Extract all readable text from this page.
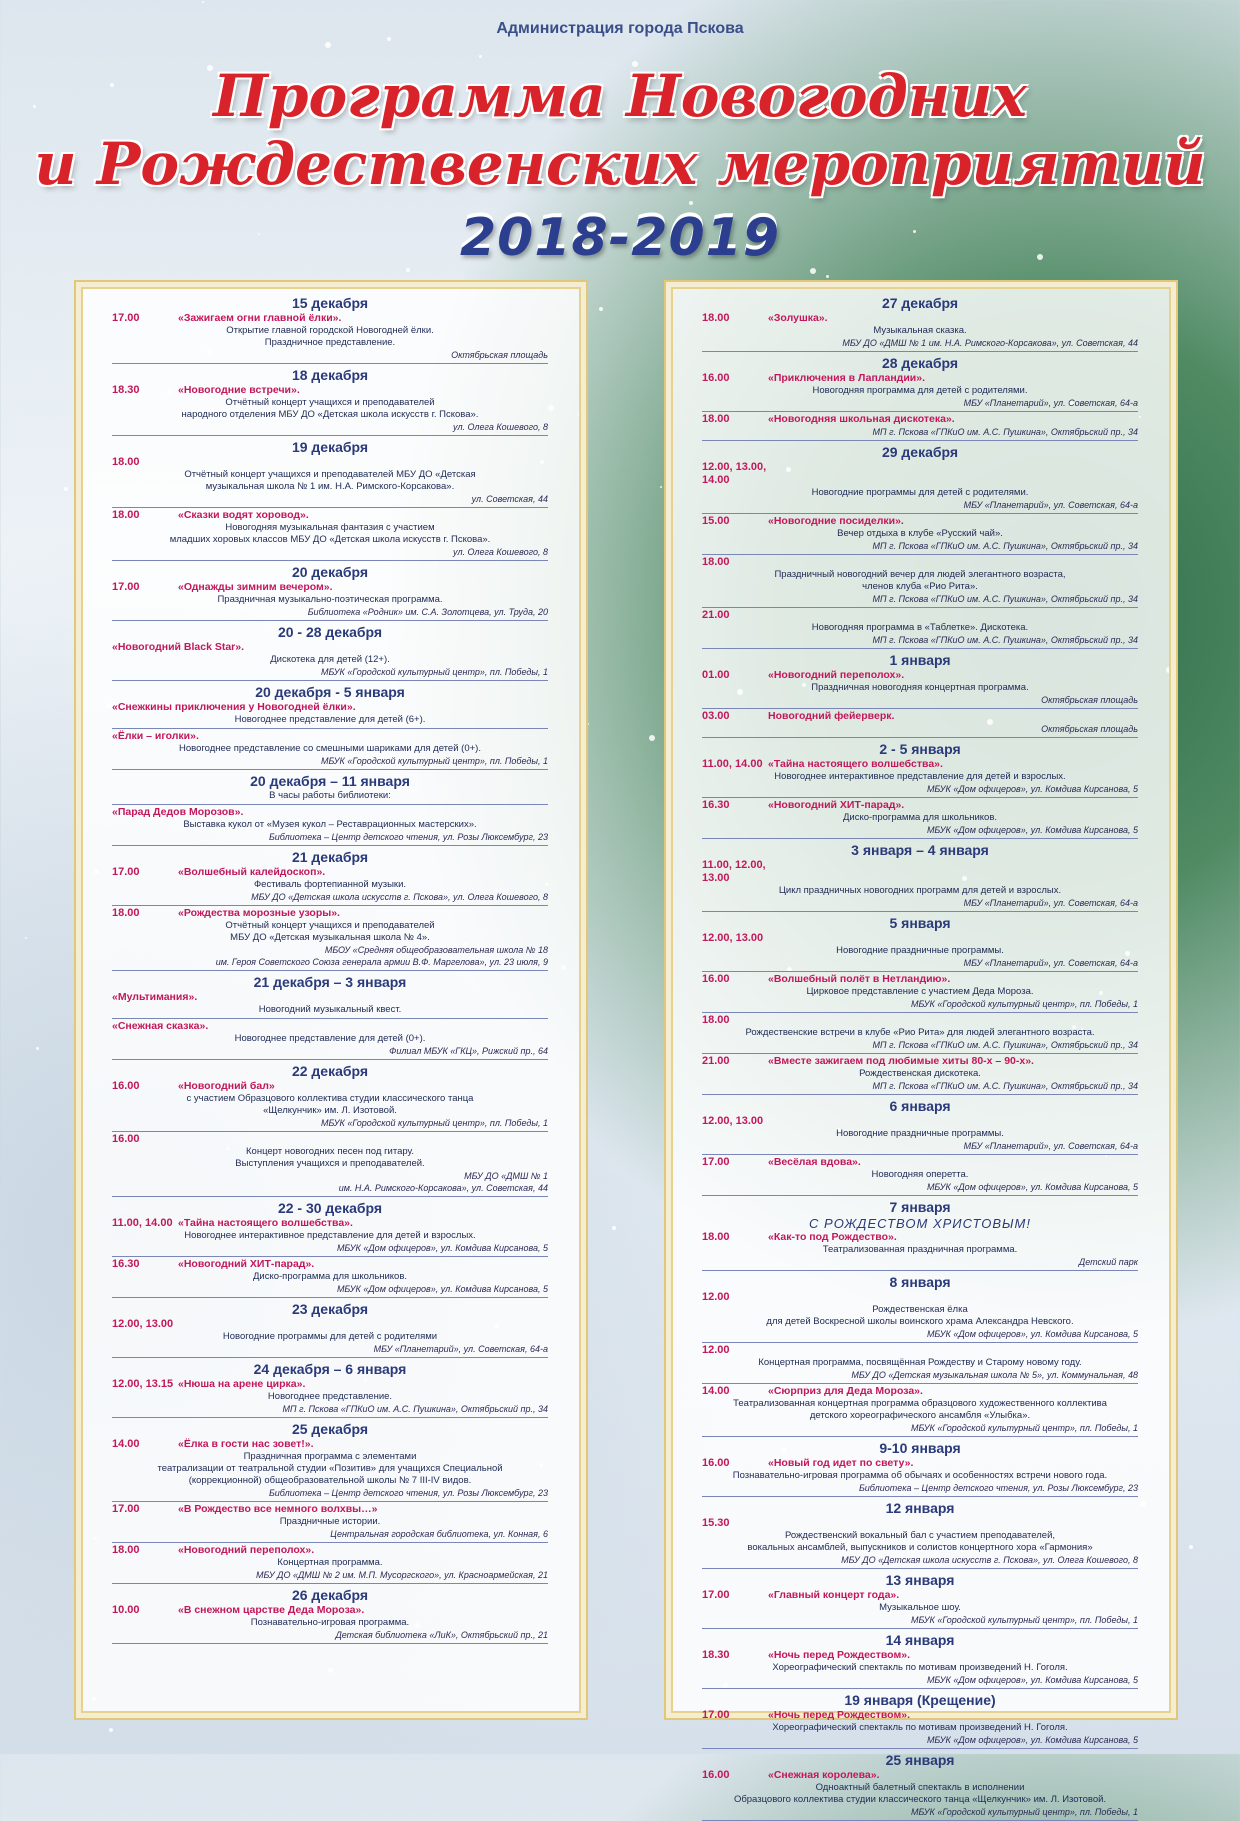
Администрация города Пскова
Программа Новогодних
и Рождественских мероприятий
2018-2019
15 декабря
17.00	«Зажигаем огни главной ёлки».
Открытие главной городской Новогодней ёлки.
Праздничное представление.
Октябрьская площадь
18 декабря
18.30	«Новогодние встречи».
Отчётный концерт учащихся и преподавателей
народного отделения МБУ ДО «Детская школа искусств г. Пскова».
ул. Олега Кошевого, 8
19 декабря
18.00
Отчётный концерт учащихся и преподавателей МБУ ДО «Детская
музыкальная школа № 1 им. Н.А. Римского-Корсакова».
ул. Советская, 44
18.00	«Сказки водят хоровод».
Новогодняя музыкальная фантазия с участием
младших хоровых классов МБУ ДО «Детская школа искусств г. Пскова».
ул. Олега Кошевого, 8
20 декабря
17.00	«Однажды зимним вечером».
Праздничная музыкально-поэтическая программа.
Библиотека «Родник» им. С.А. Золотцева, ул. Труда, 20
20 - 28 декабря
«Новогодний Black Star».
Дискотека для детей (12+).
МБУК «Городской культурный центр», пл. Победы, 1
20 декабря - 5 января
«Снежкины приключения у Новогодней ёлки».
Новогоднее представление для детей (6+).
«Ёлки – иголки».
Новогоднее представление со смешными шариками для детей (0+).
МБУК «Городской культурный центр», пл. Победы, 1
20 декабря – 11 января
В часы работы библиотеки:
«Парад Дедов Морозов».
Выставка кукол от «Музея кукол – Реставрационных мастерских».
Библиотека – Центр детского чтения, ул. Розы Люксембург, 23
21 декабря
17.00	«Волшебный калейдоскоп».
Фестиваль фортепианной музыки.
МБУ ДО «Детская школа искусств г. Пскова», ул. Олега Кошевого, 8
18.00	«Рождества морозные узоры».
Отчётный концерт учащихся и преподавателей
МБУ ДО «Детская музыкальная школа № 4».
МБОУ «Средняя общеобразовательная школа № 18
им. Героя Советского Союза генерала армии В.Ф. Маргелова», ул. 23 июля, 9
21 декабря – 3 января
«Мультимания».
Новогодний музыкальный квест.
«Снежная сказка».
Новогоднее представление для детей (0+).
Филиал МБУК «ГКЦ», Рижский пр., 64
22 декабря
16.00	«Новогодний бал»
с участием Образцового коллектива студии классического танца
«Щелкунчик» им. Л. Изотовой.
МБУК «Городской культурный центр», пл. Победы, 1
16.00
Концерт новогодних песен под гитару.
Выступления учащихся и преподавателей.
МБУ ДО «ДМШ № 1
им. Н.А. Римского-Корсакова», ул. Советская, 44
22 - 30 декабря
11.00, 14.00 «Тайна настоящего волшебства».
Новогоднее интерактивное представление для детей и взрослых.
МБУК «Дом офицеров», ул. Комдива Кирсанова, 5
16.30	«Новогодний ХИТ-парад».
Диско-программа для школьников.
МБУК «Дом офицеров», ул. Комдива Кирсанова, 5
23 декабря
12.00, 13.00
Новогодние программы для детей с родителями
МБУ «Планетарий», ул. Советская, 64-а
24 декабря – 6 января
12.00, 13.15 «Нюша на арене цирка».
Новогоднее представление.
МП г. Пскова «ГПКиО им. А.С. Пушкина», Октябрьский пр., 34
25 декабря
14.00	«Ёлка в гости нас зовет!».
Праздничная программа с элементами
театрализации от театральной студии «Позитив» для учащихся Специальной
(коррекционной) общеобразовательной школы № 7 III-IV видов.
Библиотека – Центр детского чтения, ул. Розы Люксембург, 23
17.00	«В Рождество все немного волхвы…»
Праздничные истории.
Центральная городская библиотека, ул. Конная, 6
18.00	«Новогодний переполох».
Концертная программа.
МБУ ДО «ДМШ № 2 им. М.П. Мусоргского», ул. Красноармейская, 21
26 декабря
10.00	«В снежном царстве Деда Мороза».
Познавательно-игровая программа.
Детская библиотека «ЛиК», Октябрьский пр., 21
27 декабря
18.00	«Золушка».
Музыкальная сказка.
МБУ ДО «ДМШ № 1 им. Н.А. Римского-Корсакова», ул. Советская, 44
28 декабря
16.00	«Приключения в Лапландии».
Новогодняя программа для детей с родителями.
МБУ «Планетарий», ул. Советская, 64-а
18.00	«Новогодняя школьная дискотека».
МП г. Пскова «ГПКиО им. А.С. Пушкина», Октябрьский пр., 34
29 декабря
12.00, 13.00, 14.00
Новогодние программы для детей с родителями.
МБУ «Планетарий», ул. Советская, 64-а
15.00	«Новогодние посиделки».
Вечер отдыха в клубе «Русский чай».
МП г. Пскова «ГПКиО им. А.С. Пушкина», Октябрьский пр., 34
18.00
Праздничный новогодний вечер для людей элегантного возраста,
членов клуба «Рио Рита».
МП г. Пскова «ГПКиО им. А.С. Пушкина», Октябрьский пр., 34
21.00
Новогодняя программа в «Таблетке». Дискотека.
МП г. Пскова «ГПКиО им. А.С. Пушкина», Октябрьский пр., 34
1 января
01.00	«Новогодний переполох».
Праздничная новогодняя концертная программа.
Октябрьская площадь
03.00	Новогодний фейерверк.
Октябрьская площадь
2 - 5 января
11.00, 14.00 «Тайна настоящего волшебства».
Новогоднее интерактивное представление для детей и взрослых.
МБУК «Дом офицеров», ул. Комдива Кирсанова, 5
16.30	«Новогодний ХИТ-парад».
Диско-программа для школьников.
МБУК «Дом офицеров», ул. Комдива Кирсанова, 5
3 января – 4 января
11.00, 12.00, 13.00
Цикл праздничных новогодних программ для детей и взрослых.
МБУ «Планетарий», ул. Советская, 64-а
5 января
12.00, 13.00
Новогодние праздничные программы.
МБУ «Планетарий», ул. Советская, 64-а
16.00	«Волшебный полёт в Нетландию».
Цирковое представление с участием Деда Мороза.
МБУК «Городской культурный центр», пл. Победы, 1
18.00
Рождественские встречи в клубе «Рио Рита» для людей элегантного возраста.
МП г. Пскова «ГПКиО им. А.С. Пушкина», Октябрьский пр., 34
21.00	«Вместе зажигаем под любимые хиты 80-х – 90-х».
Рождественская дискотека.
МП г. Пскова «ГПКиО им. А.С. Пушкина», Октябрьский пр., 34
6 января
12.00, 13.00
Новогодние праздничные программы.
МБУ «Планетарий», ул. Советская, 64-а
17.00	«Весёлая вдова».
Новогодняя оперетта.
МБУК «Дом офицеров», ул. Комдива Кирсанова, 5
7 января
С РОЖДЕСТВОМ ХРИСТОВЫМ!
18.00	«Как-то под Рождество».
Театрализованная праздничная программа.
Детский парк
8 января
12.00
Рождественская ёлка
для детей Воскресной школы воинского храма Александра Невского.
МБУК «Дом офицеров», ул. Комдива Кирсанова, 5
12.00
Концертная программа, посвящённая Рождеству и Старому новому году.
МБУ ДО «Детская музыкальная школа № 5», ул. Коммунальная, 48
14.00	«Сюрприз для Деда Мороза».
Театрализованная концертная программа образцового художественного коллектива
детского хореографического ансамбля «Улыбка».
МБУК «Городской культурный центр», пл. Победы, 1
9-10 января
16.00	«Новый год идет по свету».
Познавательно-игровая программа об обычаях и особенностях встречи нового года.
Библиотека – Центр детского чтения, ул. Розы Люксембург, 23
12 января
15.30
Рождественский вокальный бал с участием преподавателей,
вокальных ансамблей, выпускников и солистов концертного хора «Гармония»
МБУ ДО «Детская школа искусств г. Пскова», ул. Олега Кошевого, 8
13 января
17.00	«Главный концерт года».
Музыкальное шоу.
МБУК «Городской культурный центр», пл. Победы, 1
14 января
18.30	«Ночь перед Рождеством».
Хореографический спектакль по мотивам произведений Н. Гоголя.
МБУК «Дом офицеров», ул. Комдива Кирсанова, 5
19 января (Крещение)
17.00	«Ночь перед Рождеством».
Хореографический спектакль по мотивам произведений Н. Гоголя.
МБУК «Дом офицеров», ул. Комдива Кирсанова, 5
25 января
16.00	«Снежная королева».
Одноактный балетный спектакль в исполнении
Образцового коллектива студии классического танца «Щелкунчик» им. Л. Изотовой.
МБУК «Городской культурный центр», пл. Победы, 1
